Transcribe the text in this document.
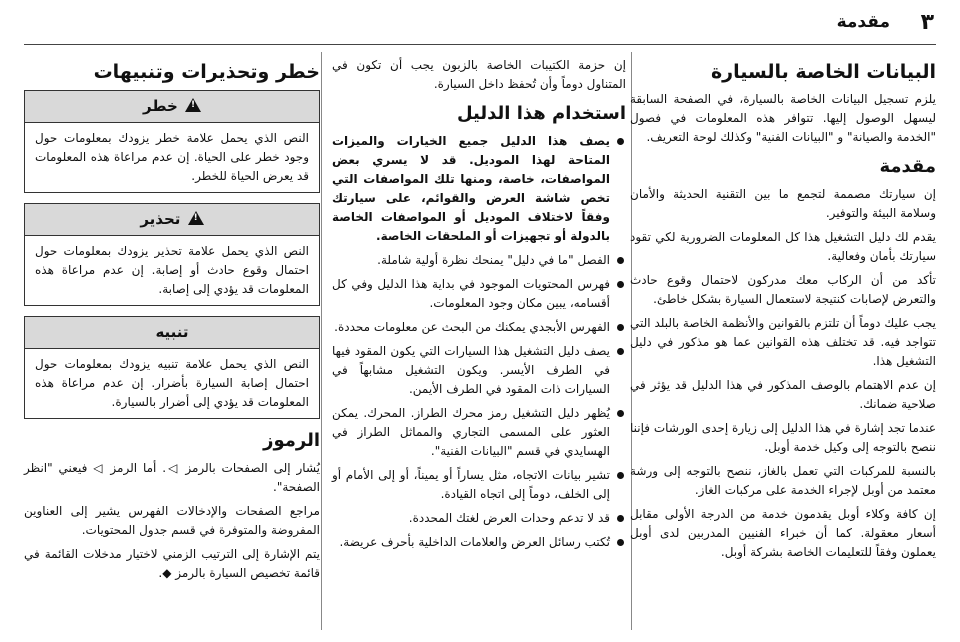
٣
مقدمة
البيانات الخاصة بالسيارة

يلزم تسجيل البيانات الخاصة بالسيارة، في الصفحة السابقة ليسهل الوصول إليها. تتوافر هذه المعلومات في فصول "الخدمة والصيانة" و "البيانات الفنية" وكذلك لوحة التعريف.

مقدمة

إن سيارتك مصممة لتجمع ما بين التقنية الحديثة والأمان وسلامة البيئة والتوفير.

يقدم لك دليل التشغيل هذا كل المعلومات الضرورية لكي تقود سيارتك بأمان وفعالية.

تأكد من أن الركاب معك مدركون لاحتمال وقوع حادث والتعرض لإصابات كنتيجة لاستعمال السيارة بشكل خاطئ.

يجب عليك دوماً أن تلتزم بالقوانين والأنظمة الخاصة بالبلد التي تتواجد فيه. قد تختلف هذه القوانين عما هو مذكور في دليل التشغيل هذا.

إن عدم الاهتمام بالوصف المذكور في هذا الدليل قد يؤثر في صلاحية ضمانك.

عندما تجد إشارة في هذا الدليل إلى زيارة إحدى الورشات فإننا ننصح بالتوجه إلى وكيل خدمة أوبل.

بالنسبة للمركبات التي تعمل بالغاز، ننصح بالتوجه إلى ورشة معتمد من أوبل لإجراء الخدمة على مركبات الغاز.

إن كافة وكلاء أوبل يقدمون خدمة من الدرجة الأولى مقابل أسعار معقولة. كما أن خبراء الفنيين المدربين لدى أوبل يعملون وفقاً للتعليمات الخاصة بشركة أوبل.

إن حزمة الكتيبات الخاصة بالزبون يجب أن تكون في المتناول دوماً وأن تُحفظ داخل السيارة.

استخدام هذا الدليل
يصف هذا الدليل جميع الخيارات والميزات المتاحة لهذا الموديل. قد لا يسري بعض المواصفات، خاصة، ومنها تلك المواصفات التي تخص شاشة العرض والقوائم، على سيارتك وفقاً لاختلاف الموديل أو المواصفات الخاصة بالدولة أو تجهيزات أو الملحقات الخاصة.
الفصل "ما في دليل" يمنحك نظرة أولية شاملة.
فهرس المحتويات الموجود في بداية هذا الدليل وفي كل أقسامه، يبين مكان وجود المعلومات.
الفهرس الأبجدي يمكنك من البحث عن معلومات محددة.
يصف دليل التشغيل هذا السيارات التي يكون المقود فيها في الطرف الأيسر. ويكون التشغيل مشابهاً في السيارات ذات المقود في الطرف الأيمن.
يُظهر دليل التشغيل رمز محرك الطراز. المحرك. يمكن العثور على المسمى التجاري والمماثل الطراز في الهسايدي في قسم "البيانات الفنية".
تشير بيانات الاتجاه، مثل يساراً أو يميناً، أو إلى الأمام أو إلى الخلف، دوماً إلى اتجاه القيادة.
قد لا تدعم وحدات العرض لغتك المحددة.
تُكتب رسائل العرض والعلامات الداخلية بأحرف عريضة.
خطر وتحذيرات وتنبيهات
! خطر
النص الذي يحمل علامة خطر يزودك بمعلومات حول وجود خطر على الحياة. إن عدم مراعاة هذه المعلومات قد يعرض الحياة للخطر.
! تحذير
النص الذي يحمل علامة تحذير يزودك بمعلومات حول احتمال وقوع حادث أو إصابة. إن عدم مراعاة هذه المعلومات قد يؤدي إلى إصابة.
تنبيه
النص الذي يحمل علامة تنبيه يزودك بمعلومات حول احتمال إصابة السيارة بأضرار. إن عدم مراعاة هذه المعلومات قد يؤدي إلى أضرار بالسيارة.
الرموز

يُشار إلى الصفحات بالرمز ◁. أما الرمز ◁ فيعني "انظر الصفحة".

مراجع الصفحات والإدخالات الفهرس يشير إلى العناوين المفروضة والمتوفرة في قسم جدول المحتويات.

يتم الإشارة إلى الترتيب الزمني لاختيار مدخلات القائمة في قائمة تخصيص السيارة بالرمز ◆.
